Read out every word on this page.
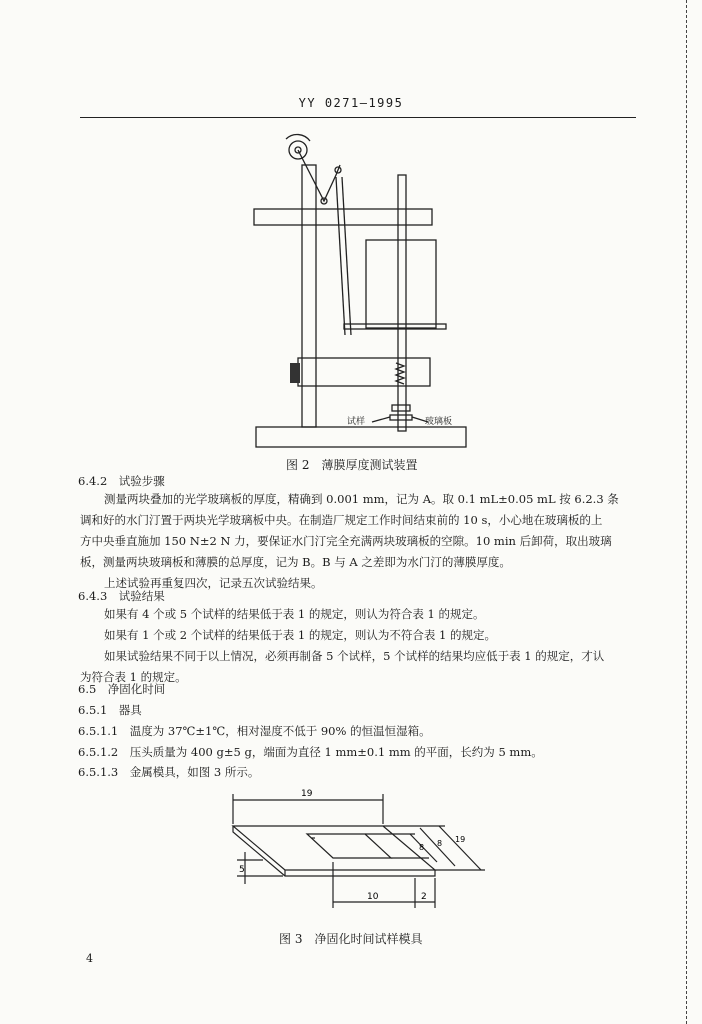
YY 0271—1995
试样	玻璃板
图 2　薄膜厚度测试装置
6.4.2　 试验步骤
测量两块叠加的光学玻璃板的厚度，精确到 0.001 mm，记为 A。取 0.1 mL±0.05 mL 按 6.2.3 条
调和好的水门汀置于两块光学玻璃板中央。在制造厂规定工作时间结束前的 10 s，小心地在玻璃板的上
方中央垂直施加 150 N±2 N 力，要保证水门汀完全充满两块玻璃板的空隙。10 min 后卸荷，取出玻璃
板，测量两块玻璃板和薄膜的总厚度，记为 B。B 与 A 之差即为水门汀的薄膜厚度。
上述试验再重复四次，记录五次试验结果。
6.4.3　 试验结果
如果有 4 个或 5 个试样的结果低于表 1 的规定，则认为符合表 1 的规定。
如果有 1 个或 2 个试样的结果低于表 1 的规定，则认为不符合表 1 的规定。
如果试验结果不同于以上情况，必须再制备 5 个试样，5 个试样的结果均应低于表 1 的规定，才认
为符合表 1 的规定。
6.5　 净固化时间
6.5.1　 器具
6.5.1.1　 温度为 37℃±1℃，相对湿度不低于 90% 的恒温恒湿箱。
6.5.1.2　 压头质量为 400 g±5 g，端面为直径 1 mm±0.1 mm 的平面，长约为 5 mm。
6.5.1.3　 金属模具，如图 3 所示。
19
10	2
5
8 8 19
图 3　净固化时间试样模具
4
